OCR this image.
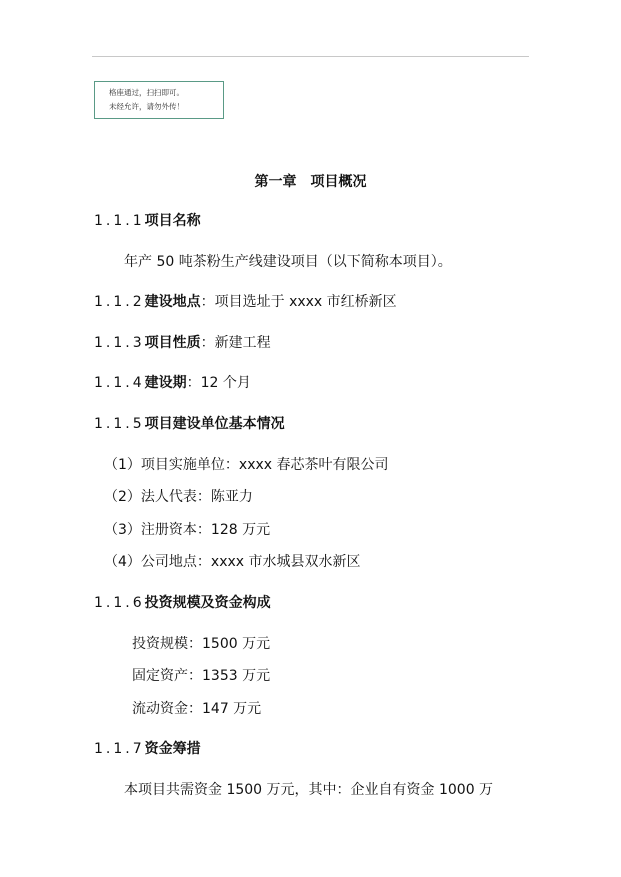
格座通过，扫扫即可。
未经允许，请勿外传！
第一章　项目概况
1.1.1项目名称
年产 50 吨茶粉生产线建设项目（以下简称本项目）。
1.1.2建设地点：项目选址于 xxxx 市红桥新区
1.1.3项目性质：新建工程
1.1.4建设期：12 个月
1.1.5项目建设单位基本情况
（1）项目实施单位：xxxx 春芯茶叶有限公司
（2）法人代表：陈亚力
（3）注册资本：128 万元
（4）公司地点：xxxx 市水城县双水新区
1.1.6投资规模及资金构成
投资规模：1500 万元
固定资产：1353 万元
流动资金：147 万元
1.1.7资金筹措
本项目共需资金 1500 万元，其中：企业自有资金 1000 万
